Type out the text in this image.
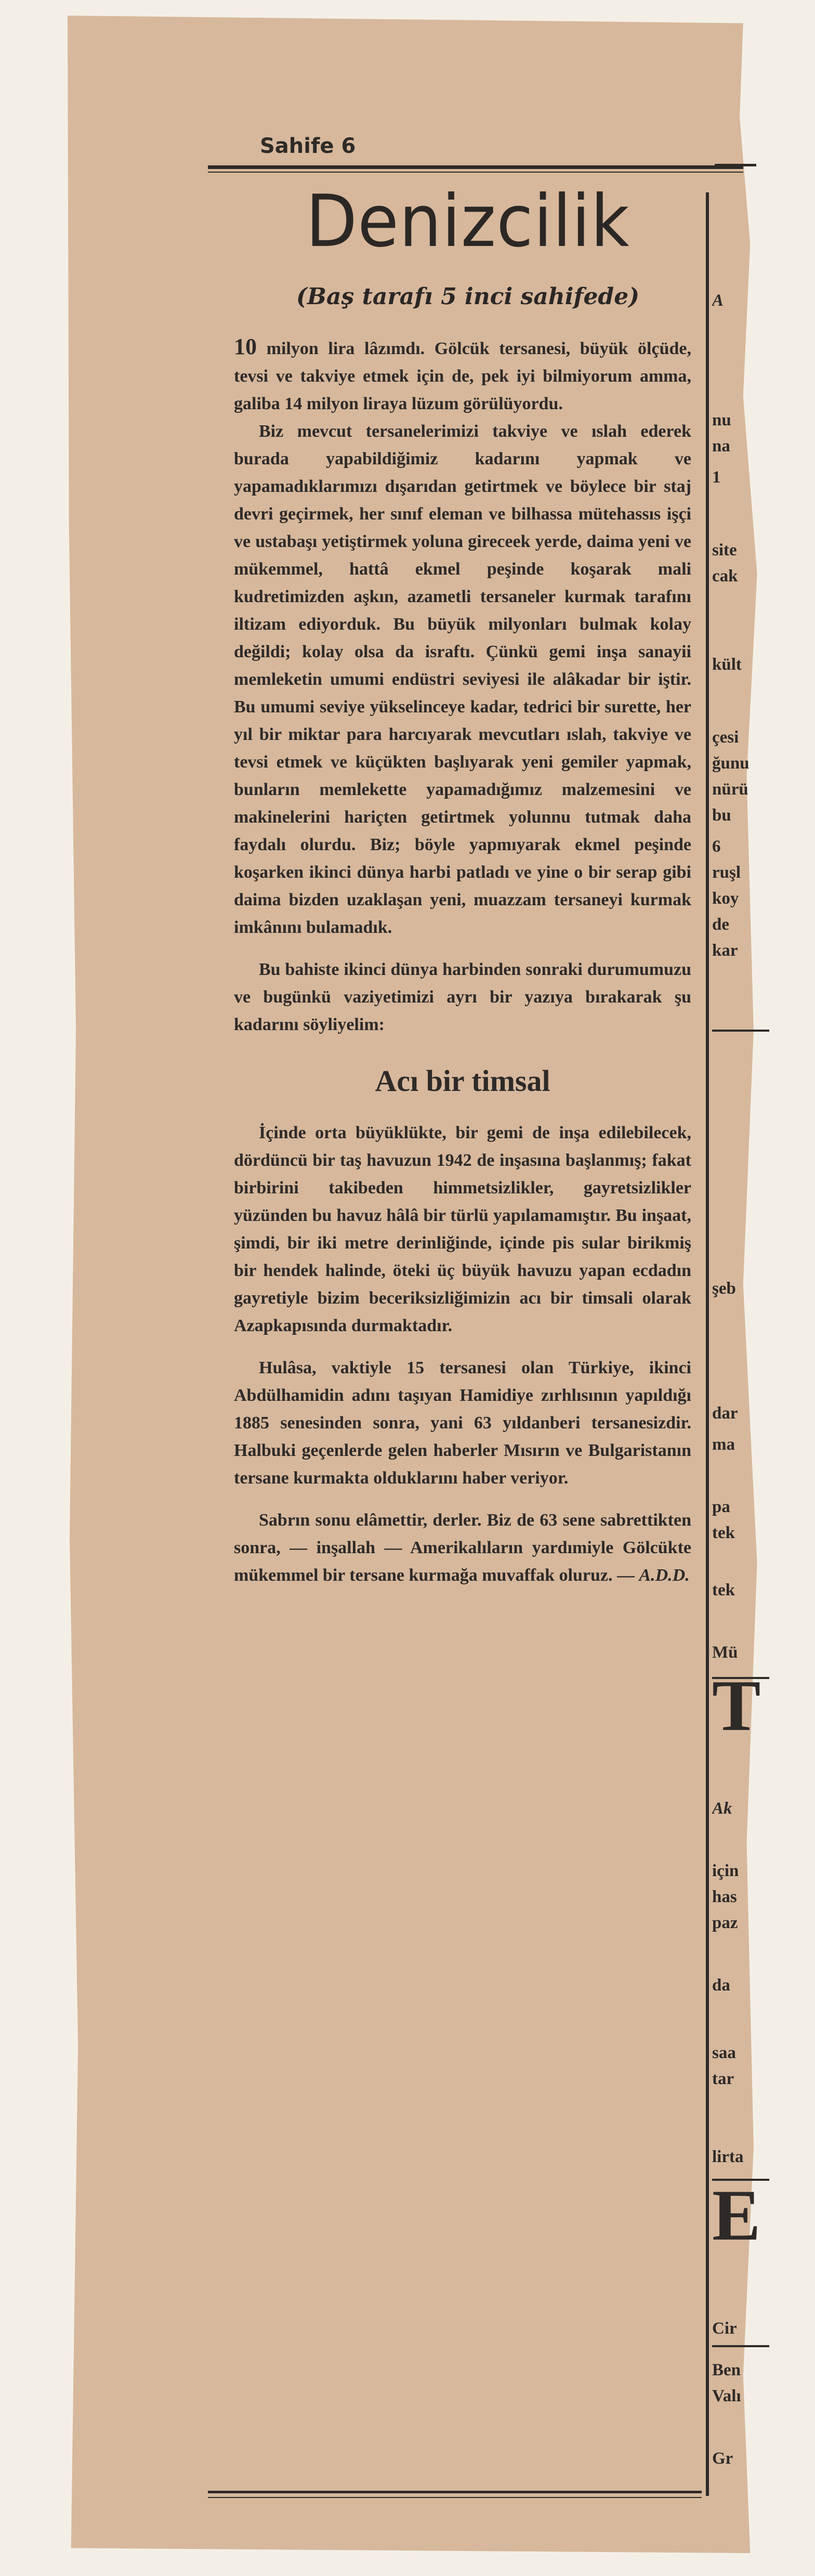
Sahife 6
Denizcilik
(Baş tarafı 5 inci sahifede)

10 milyon lira lâzımdı. Gölcük tersanesi, büyük ölçüde, tevsi ve takviye etmek için de, pek iyi bilmiyorum amma, galiba 14 milyon liraya lüzum görülüyordu.

Biz mevcut tersanelerimizi takviye ve ıslah ederek burada yapabildiğimiz kadarını yapmak ve yapamadıklarımızı dışarıdan getirtmek ve böylece bir staj devri geçirmek, her sınıf eleman ve bilhassa mütehassıs işçi ve ustabaşı yetiştirmek yoluna gireceek yerde, daima yeni ve mükemmel, hattâ ekmel peşinde koşarak mali kudretimizden aşkın, azametli tersaneler kurmak tarafını iltizam ediyorduk. Bu büyük milyonları bulmak kolay değildi; kolay olsa da israftı. Çünkü gemi inşa sanayii memleketin umumi endüstri seviyesi ile alâkadar bir iştir. Bu umumi seviye yükselinceye kadar, tedrici bir surette, her yıl bir miktar para harcıyarak mevcutları ıslah, takviye ve tevsi etmek ve küçükten başlıyarak yeni gemiler yapmak, bunların memlekette yapamadığımız malzemesini ve makinelerini hariçten getirtmek yolunnu tutmak daha faydalı olurdu. Biz; böyle yapmıyarak ekmel peşinde koşarken ikinci dünya harbi patladı ve yine o bir serap gibi daima bizden uzaklaşan yeni, muazzam tersaneyi kurmak imkânını bulamadık.

Bu bahiste ikinci dünya harbinden sonraki durumumuzu ve bugünkü vaziyetimizi ayrı bir yazıya bırakarak şu kadarını söyliyelim:

Acı bir timsal

İçinde orta büyüklükte, bir gemi de inşa edilebilecek, dördüncü bir taş havuzun 1942 de inşasına başlanmış; fakat birbirini takibeden himmetsizlikler, gayretsizlikler yüzünden bu havuz hâlâ bir türlü yapılamamıştır. Bu inşaat, şimdi, bir iki metre derinliğinde, içinde pis sular birikmiş bir hendek halinde, öteki üç büyük havuzu yapan ecdadın gayretiyle bizim beceriksizliğimizin acı bir timsali olarak Azapkapısında durmaktadır.

Hulâsa, vaktiyle 15 tersanesi olan Türkiye, ikinci Abdülhamidin adını taşıyan Hamidiye zırhlısının yapıldığı 1885 senesinden sonra, yani 63 yıldanberi tersanesizdir. Halbuki geçenlerde gelen haberler Mısırın ve Bulgaristanın tersane kurmakta olduklarını haber veriyor.

Sabrın sonu elâmettir, derler. Biz de 63 sene sabrettikten sonra, — inşallah — Amerikalıların yardımiyle Gölcükte mükemmel bir tersane kurmağa muvaffak oluruz. — A.D.D.

A
nu
na
1
site
cak
kült
çesi
ğunu
nürü
bu
6
ruşl
koy
de
kar
şeb
dar
ma
pa
tek
tek
Mü
T
Ak
için
has
paz
da
saa
tar
lirta
E
Cir
Ben
Valı
Gr
